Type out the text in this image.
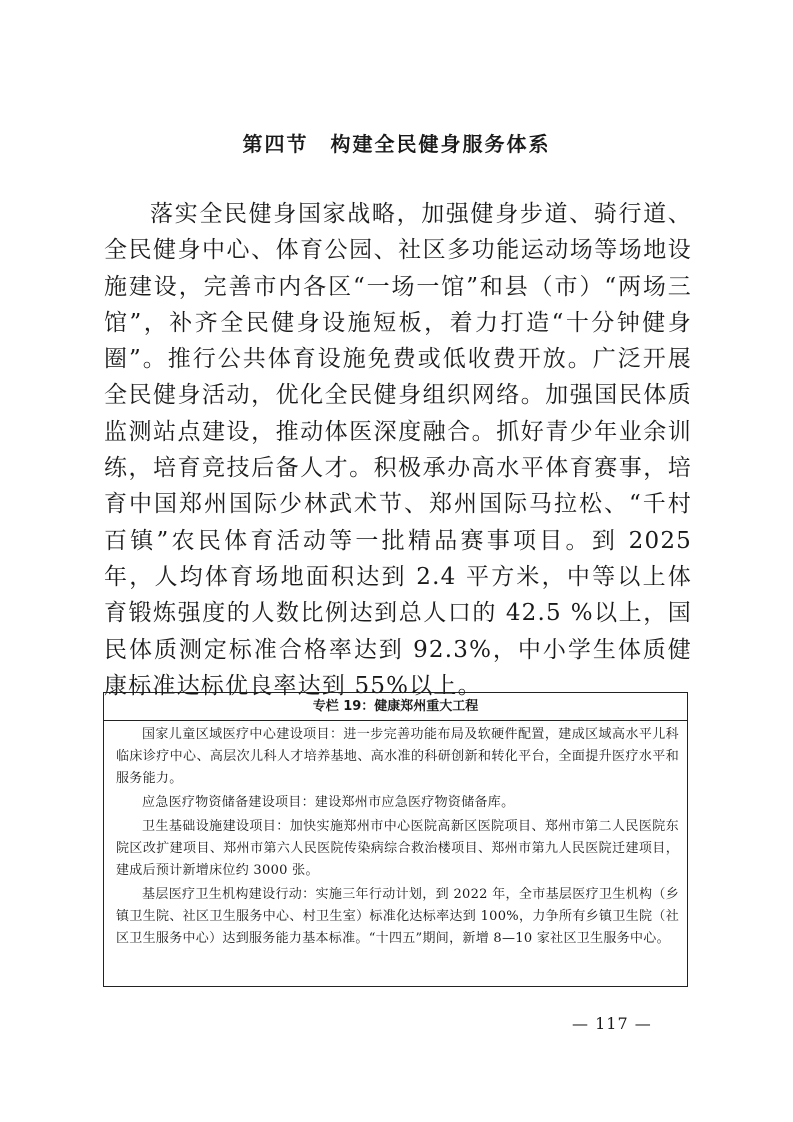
第四节 构建全民健身服务体系

落实全民健身国家战略，加强健身步道、骑行道、全民健身中心、体育公园、社区多功能运动场等场地设施建设，完善市内各区“一场一馆”和县（市）“两场三馆”，补齐全民健身设施短板，着力打造“十分钟健身圈”。推行公共体育设施免费或低收费开放。广泛开展全民健身活动，优化全民健身组织网络。加强国民体质监测站点建设，推动体医深度融合。抓好青少年业余训练，培育竞技后备人才。积极承办高水平体育赛事，培育中国郑州国际少林武术节、郑州国际马拉松、“千村百镇”农民体育活动等一批精品赛事项目。到 2025 年，人均体育场地面积达到 2.4 平方米，中等以上体育锻炼强度的人数比例达到总人口的 42.5 %以上，国民体质测定标准合格率达到 92.3%，中小学生体质健康标准达标优良率达到 55%以上。

专栏 19：健康郑州重大工程

国家儿童区域医疗中心建设项目：进一步完善功能布局及软硬件配置，建成区域高水平儿科临床诊疗中心、高层次儿科人才培养基地、高水准的科研创新和转化平台，全面提升医疗水平和服务能力。

应急医疗物资储备建设项目：建设郑州市应急医疗物资储备库。

卫生基础设施建设项目：加快实施郑州市中心医院高新区医院项目、郑州市第二人民医院东院区改扩建项目、郑州市第六人民医院传染病综合救治楼项目、郑州市第九人民医院迁建项目，建成后预计新增床位约 3000 张。

基层医疗卫生机构建设行动：实施三年行动计划，到 2022 年，全市基层医疗卫生机构（乡镇卫生院、社区卫生服务中心、村卫生室）标准化达标率达到 100%，力争所有乡镇卫生院（社区卫生服务中心）达到服务能力基本标准。“十四五”期间，新增 8—10 家社区卫生服务中心。

— 117 —
